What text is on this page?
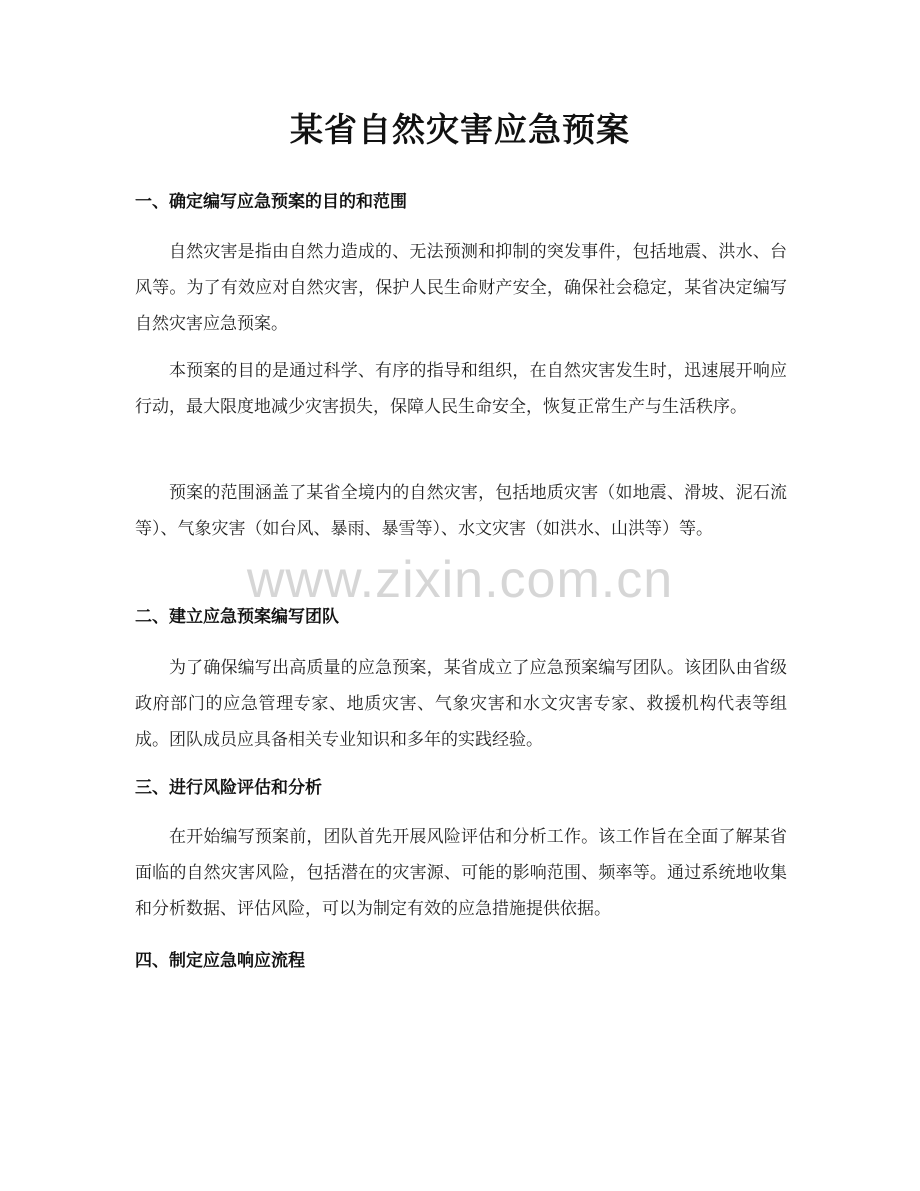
某省自然灾害应急预案
一、确定编写应急预案的目的和范围
自然灾害是指由自然力造成的、无法预测和抑制的突发事件，包括地震、洪水、台风等。为了有效应对自然灾害，保护人民生命财产安全，确保社会稳定，某省决定编写自然灾害应急预案。
本预案的目的是通过科学、有序的指导和组织，在自然灾害发生时，迅速展开响应行动，最大限度地减少灾害损失，保障人民生命安全，恢复正常生产与生活秩序。
预案的范围涵盖了某省全境内的自然灾害，包括地质灾害（如地震、滑坡、泥石流等）、气象灾害（如台风、暴雨、暴雪等）、水文灾害（如洪水、山洪等）等。
二、建立应急预案编写团队
为了确保编写出高质量的应急预案，某省成立了应急预案编写团队。该团队由省级政府部门的应急管理专家、地质灾害、气象灾害和水文灾害专家、救援机构代表等组成。团队成员应具备相关专业知识和多年的实践经验。
三、进行风险评估和分析
在开始编写预案前，团队首先开展风险评估和分析工作。该工作旨在全面了解某省面临的自然灾害风险，包括潜在的灾害源、可能的影响范围、频率等。通过系统地收集和分析数据、评估风险，可以为制定有效的应急措施提供依据。
四、制定应急响应流程
www.zixin.com.cn
